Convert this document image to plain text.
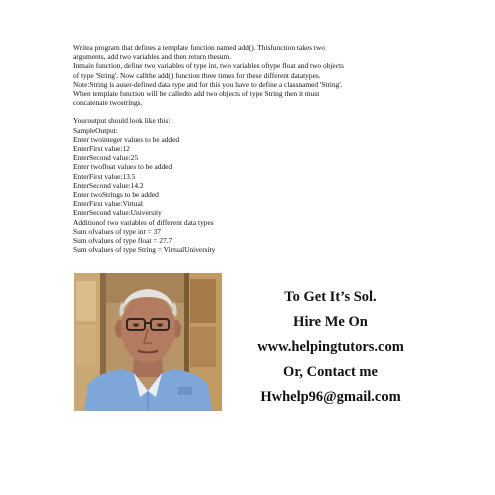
Writea program that defines a template function named add(). Thisfunction takes two
arguments, add two variables and then return thesum.
Inmain function, define two variables of type int, two variables oftype float and two objects
of type 'String'. Now callthe add() function three times for these different datatypes.
Note:String is auser-defined data type and for this you have to define a classnamed 'String'.
When template function will be calledto add two objects of type String then it must
concatenate twostrings.
Youroutput should look like this:
SampleOutput:
Enter twointeger values to be added
EnterFirst value:12
EnterSecond value:25
Enter twofloat values to be added
EnterFirst value:13.5
EnterSecond value:14.2
Enter twoStrings to be added
EnterFirst value:Virtual
EnterSecond value:University
Additionof two variables of different data types
Sum ofvalues of type int = 37
Sum ofvalues of type float = 27.7
Sum ofvalues of type String = VirtualUniversity
To Get It’s Sol.
Hire Me On
www.helpingtutors.com
Or, Contact me
Hwhelp96@gmail.com
